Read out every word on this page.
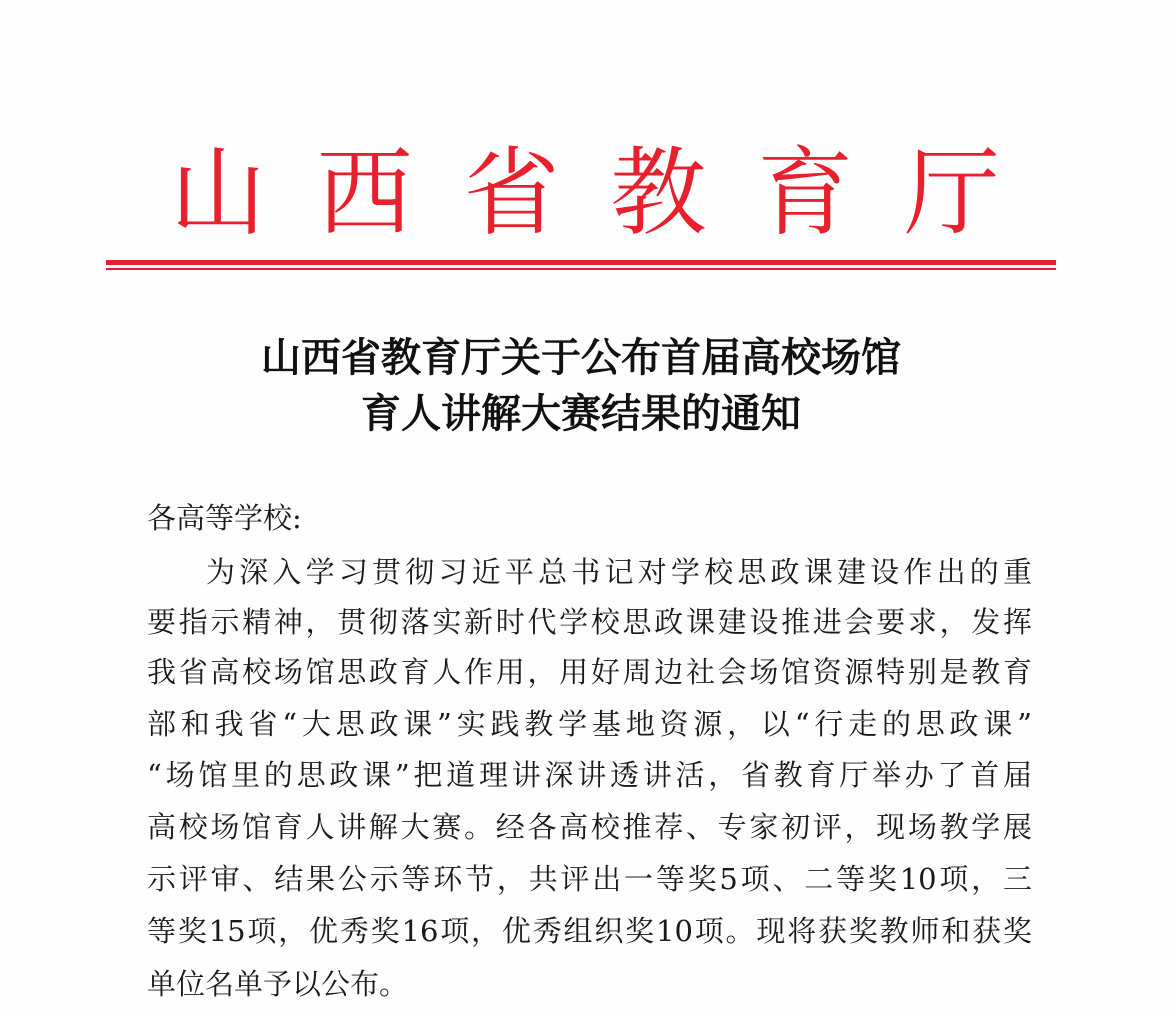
山 西 省 教 育 厅
山西省教育厅关于公布首届高校场馆
育人讲解大赛结果的通知
各高等学校:
为深入学习贯彻习近平总书记对学校思政课建设作出的重
要指示精神，贯彻落实新时代学校思政课建设推进会要求，发挥
我省高校场馆思政育人作用，用好周边社会场馆资源特别是教育
部和我省“大思政课”实践教学基地资源，以“行走的思政课”
“场馆里的思政课”把道理讲深讲透讲活，省教育厅举办了首届
高校场馆育人讲解大赛。经各高校推荐、专家初评，现场教学展
示评审、结果公示等环节，共评出一等奖5项、二等奖10项，三
等奖15项，优秀奖16项，优秀组织奖10项。现将获奖教师和获奖
单位名单予以公布。
